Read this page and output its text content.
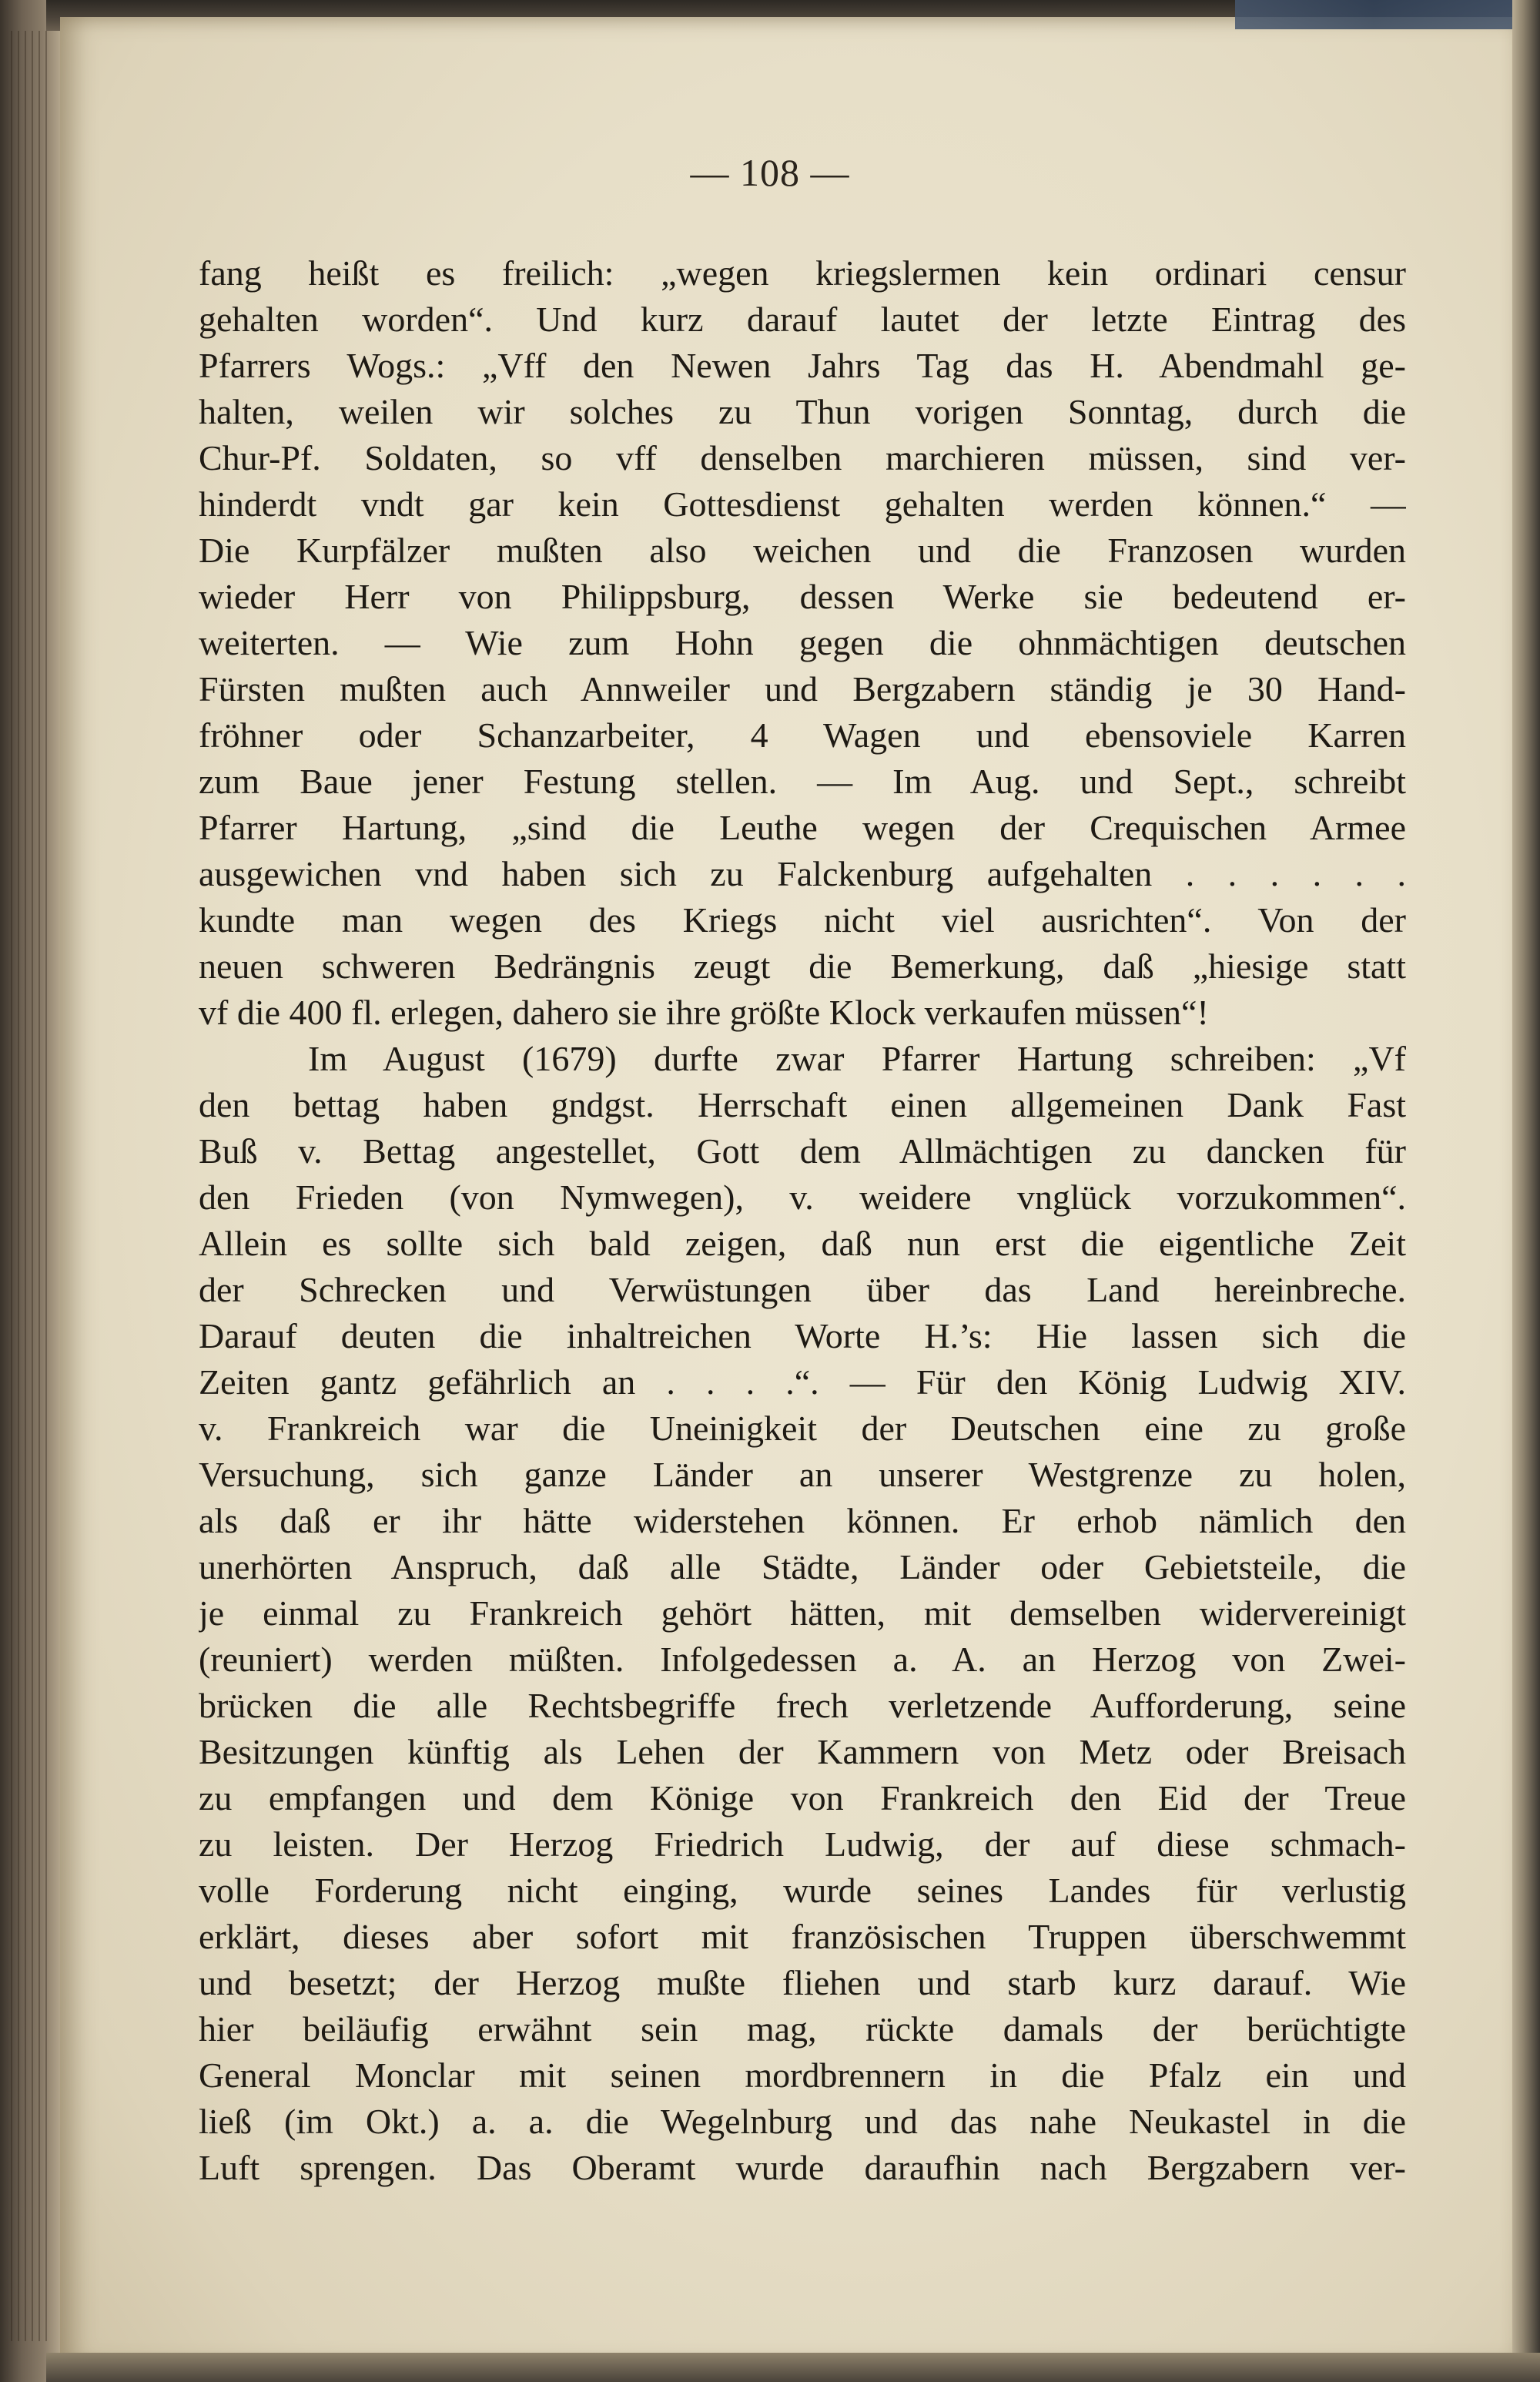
— 108 —
fang heißt es freilich: „wegen kriegslermen kein ordinari censur
gehalten worden“. Und kurz darauf lautet der letzte Eintrag des
Pfarrers Wogs.: „Vff den Newen Jahrs Tag das H. Abendmahl ge-
halten, weilen wir solches zu Thun vorigen Sonntag, durch die
Chur-Pf. Soldaten, so vff denselben marchieren müssen, sind ver-
hinderdt vndt gar kein Gottesdienst gehalten werden können.“ —
Die Kurpfälzer mußten also weichen und die Franzosen wurden
wieder Herr von Philippsburg, dessen Werke sie bedeutend er-
weiterten. — Wie zum Hohn gegen die ohnmächtigen deutschen
Fürsten mußten auch Annweiler und Bergzabern ständig je 30 Hand-
fröhner oder Schanzarbeiter, 4 Wagen und ebensoviele Karren
zum Baue jener Festung stellen. — Im Aug. und Sept., schreibt
Pfarrer Hartung, „sind die Leuthe wegen der Crequischen Armee
ausgewichen vnd haben sich zu Falckenburg aufgehalten . . . . . .
kundte man wegen des Kriegs nicht viel ausrichten“. Von der
neuen schweren Bedrängnis zeugt die Bemerkung, daß „hiesige statt
vf die 400 fl. erlegen, dahero sie ihre größte Klock verkaufen müssen“!
Im August (1679) durfte zwar Pfarrer Hartung schreiben: „Vf
den bettag haben gndgst. Herrschaft einen allgemeinen Dank Fast
Buß v. Bettag angestellet, Gott dem Allmächtigen zu dancken für
den Frieden (von Nymwegen), v. weidere vnglück vorzukommen“.
Allein es sollte sich bald zeigen, daß nun erst die eigentliche Zeit
der Schrecken und Verwüstungen über das Land hereinbreche.
Darauf deuten die inhaltreichen Worte H.’s: Hie lassen sich die
Zeiten gantz gefährlich an . . . .“. — Für den König Ludwig XIV.
v. Frankreich war die Uneinigkeit der Deutschen eine zu große
Versuchung, sich ganze Länder an unserer Westgrenze zu holen,
als daß er ihr hätte widerstehen können. Er erhob nämlich den
unerhörten Anspruch, daß alle Städte, Länder oder Gebietsteile, die
je einmal zu Frankreich gehört hätten, mit demselben widervereinigt
(reuniert) werden müßten. Infolgedessen a. A. an Herzog von Zwei-
brücken die alle Rechtsbegriffe frech verletzende Aufforderung, seine
Besitzungen künftig als Lehen der Kammern von Metz oder Breisach
zu empfangen und dem Könige von Frankreich den Eid der Treue
zu leisten. Der Herzog Friedrich Ludwig, der auf diese schmach-
volle Forderung nicht einging, wurde seines Landes für verlustig
erklärt, dieses aber sofort mit französischen Truppen überschwemmt
und besetzt; der Herzog mußte fliehen und starb kurz darauf. Wie
hier beiläufig erwähnt sein mag, rückte damals der berüchtigte
General Monclar mit seinen mordbrennern in die Pfalz ein und
ließ (im Okt.) a. a. die Wegelnburg und das nahe Neukastel in die
Luft sprengen. Das Oberamt wurde daraufhin nach Bergzabern ver-
